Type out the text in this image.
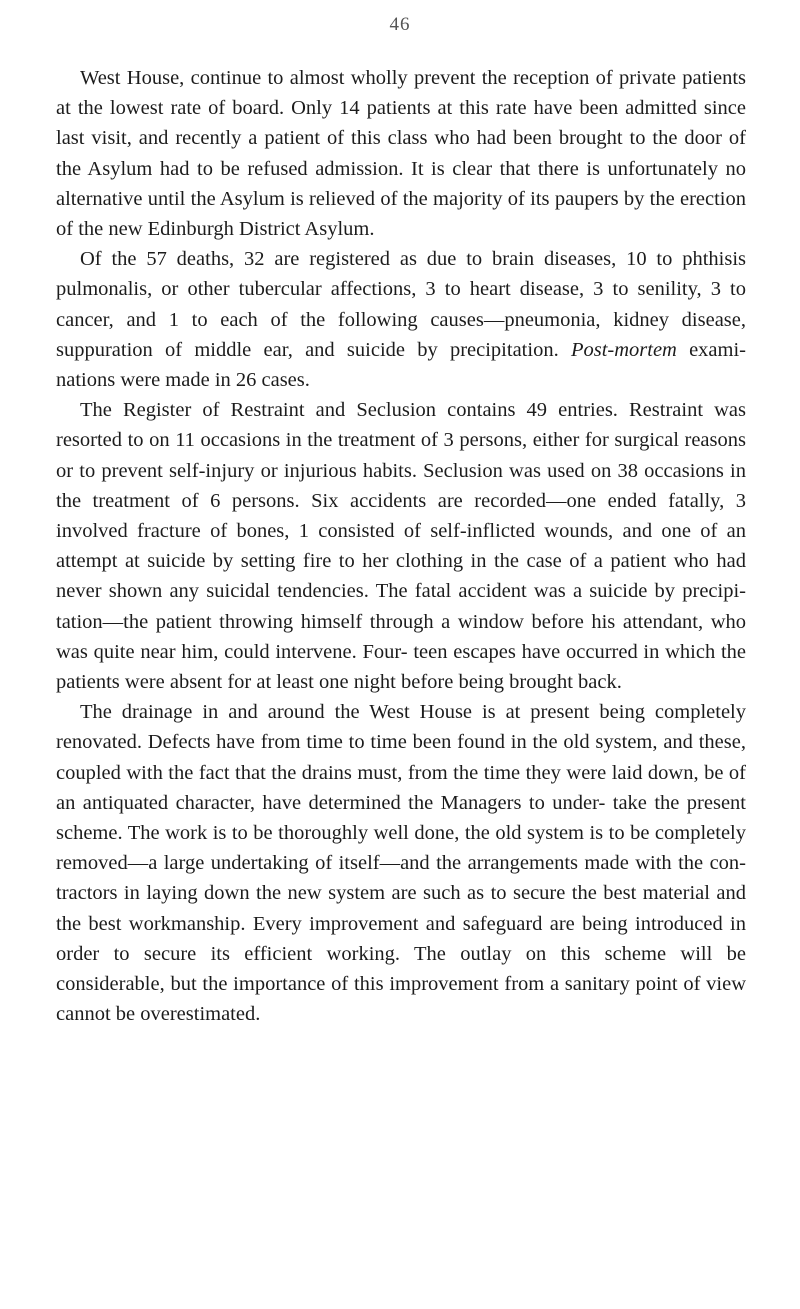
46

West House, continue to almost wholly prevent the reception of private patients at the lowest rate of board. Only 14 patients at this rate have been admitted since last visit, and recently a patient of this class who had been brought to the door of the Asylum had to be refused admission. It is clear that there is unfortunately no alternative until the Asylum is relieved of the majority of its paupers by the erection of the new Edinburgh District Asylum.

Of the 57 deaths, 32 are registered as due to brain diseases, 10 to phthisis pulmonalis, or other tubercular affections, 3 to heart disease, 3 to senility, 3 to cancer, and 1 to each of the following causes—pneumonia, kidney disease, suppuration of middle ear, and suicide by precipitation. Post-mortem exami- nations were made in 26 cases.

The Register of Restraint and Seclusion contains 49 entries. Restraint was resorted to on 11 occasions in the treatment of 3 persons, either for surgical reasons or to prevent self-injury or injurious habits. Seclusion was used on 38 occasions in the treatment of 6 persons. Six accidents are recorded—one ended fatally, 3 involved fracture of bones, 1 consisted of self-inflicted wounds, and one of an attempt at suicide by setting fire to her clothing in the case of a patient who had never shown any suicidal tendencies. The fatal accident was a suicide by precipi- tation—the patient throwing himself through a window before his attendant, who was quite near him, could intervene. Four- teen escapes have occurred in which the patients were absent for at least one night before being brought back.

The drainage in and around the West House is at present being completely renovated. Defects have from time to time been found in the old system, and these, coupled with the fact that the drains must, from the time they were laid down, be of an antiquated character, have determined the Managers to under- take the present scheme. The work is to be thoroughly well done, the old system is to be completely removed—a large undertaking of itself—and the arrangements made with the con- tractors in laying down the new system are such as to secure the best material and the best workmanship. Every improvement and safeguard are being introduced in order to secure its efficient working. The outlay on this scheme will be considerable, but the importance of this improvement from a sanitary point of view cannot be overestimated.
